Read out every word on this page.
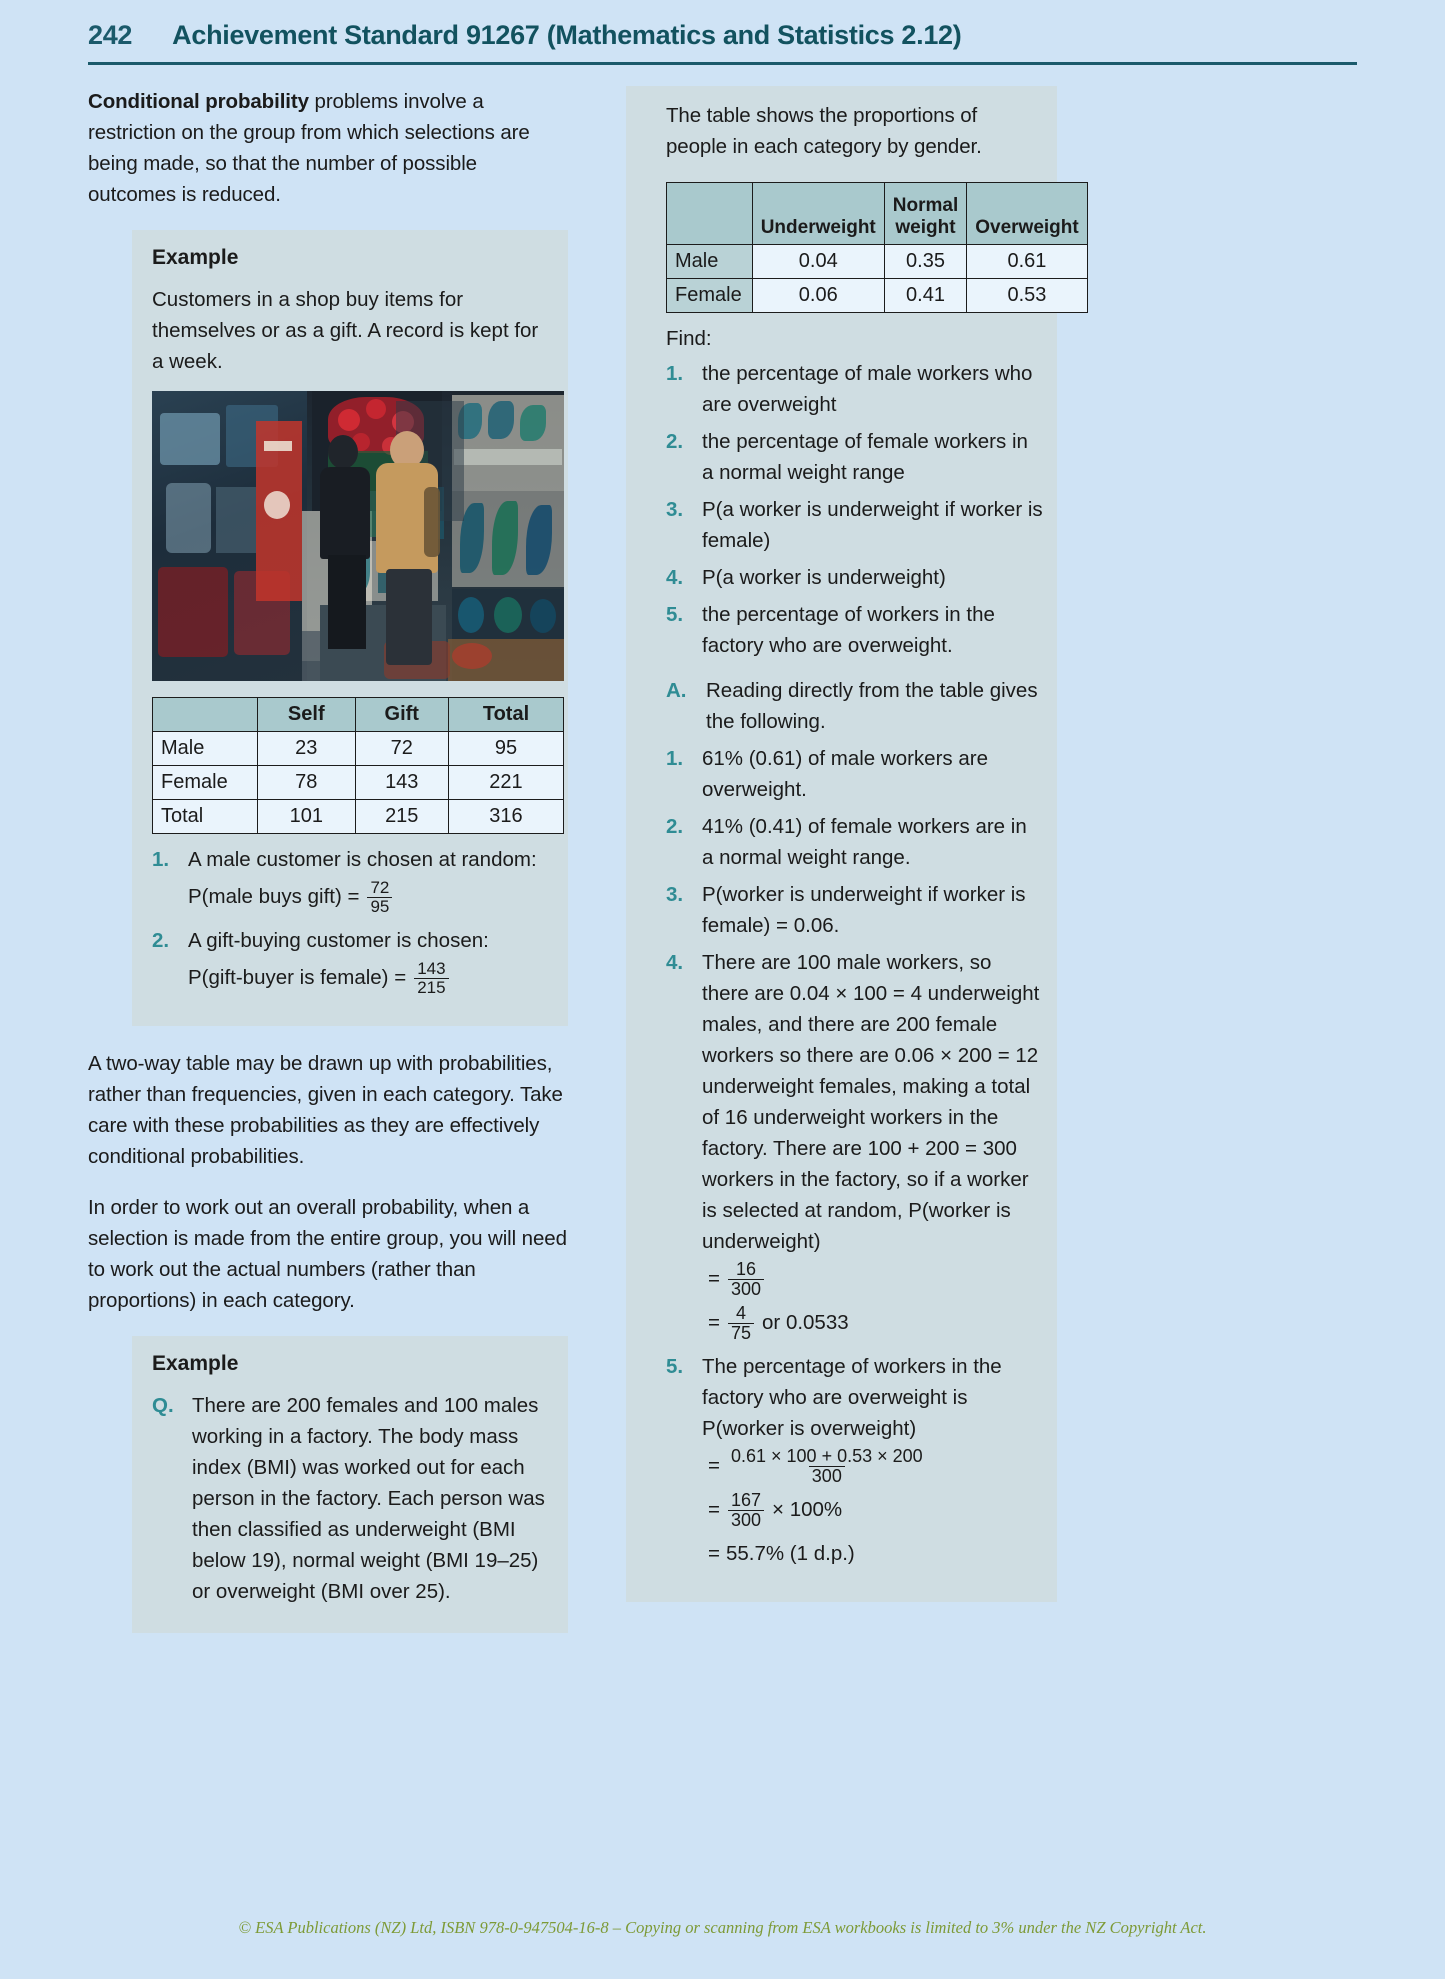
242 Achievement Standard 91267 (Mathematics and Statistics 2.12)

Conditional probability problems involve a restriction on the group from which selections are being made, so that the number of possible outcomes is reduced.

Example

Customers in a shop buy items for themselves or as a gift. A record is kept for a week.

	Self	Gift	Total
Male	23	72	95
Female	78	143	221
Total	101	215	316
1. A male customer is chosen at random:
P(male buys gift) = $\frac{72}{95}$
2. A gift-buying customer is chosen:
P(gift-buyer is female) = $\frac{143}{215}$

A two-way table may be drawn up with probabilities, rather than frequencies, given in each category. Take care with these probabilities as they are effectively conditional probabilities.

In order to work out an overall probability, when a selection is made from the entire group, you will need to work out the actual numbers (rather than proportions) in each category.

Example
Q. There are 200 females and 100 males working in a factory. The body mass index (BMI) was worked out for each person in the factory. Each person was then classified as underweight (BMI below 19), normal weight (BMI 19–25) or overweight (BMI over 25).

The table shows the proportions of people in each category by gender.

	Underweight	Normal weight	Overweight
Male	0.04	0.35	0.61
Female	0.06	0.41	0.53
Find:
1. the percentage of male workers who are overweight
2. the percentage of female workers in a normal weight range
3. P(a worker is underweight if worker is female)
4. P(a worker is underweight)
5. the percentage of workers in the factory who are overweight.
A. Reading directly from the table gives the following.
1. 61% (0.61) of male workers are overweight.
2. 41% (0.41) of female workers are in a normal weight range.
3. P(worker is underweight if worker is female) = 0.06.
4. There are 100 male workers, so there are 0.04 × 100 = 4 underweight males, and there are 200 female workers so there are 0.06 × 200 = 12 underweight females, making a total of 16 underweight workers in the factory. There are 100 + 200 = 300 workers in the factory, so if a worker is selected at random, P(worker is underweight)
= $\frac{16}{300}$
= $\frac{4}{75}$ or 0.0533
5. The percentage of workers in the factory who are overweight is P(worker is overweight)
= $\frac{0.61 \times 100 + 0.53 \times 200}{300}$
= $\frac{167}{300} \times 100\%$
= 55.7% (1 d.p.)
© ESA Publications (NZ) Ltd, ISBN 978-0-947504-16-8 – Copying or scanning from ESA workbooks is limited to 3% under the NZ Copyright Act.
